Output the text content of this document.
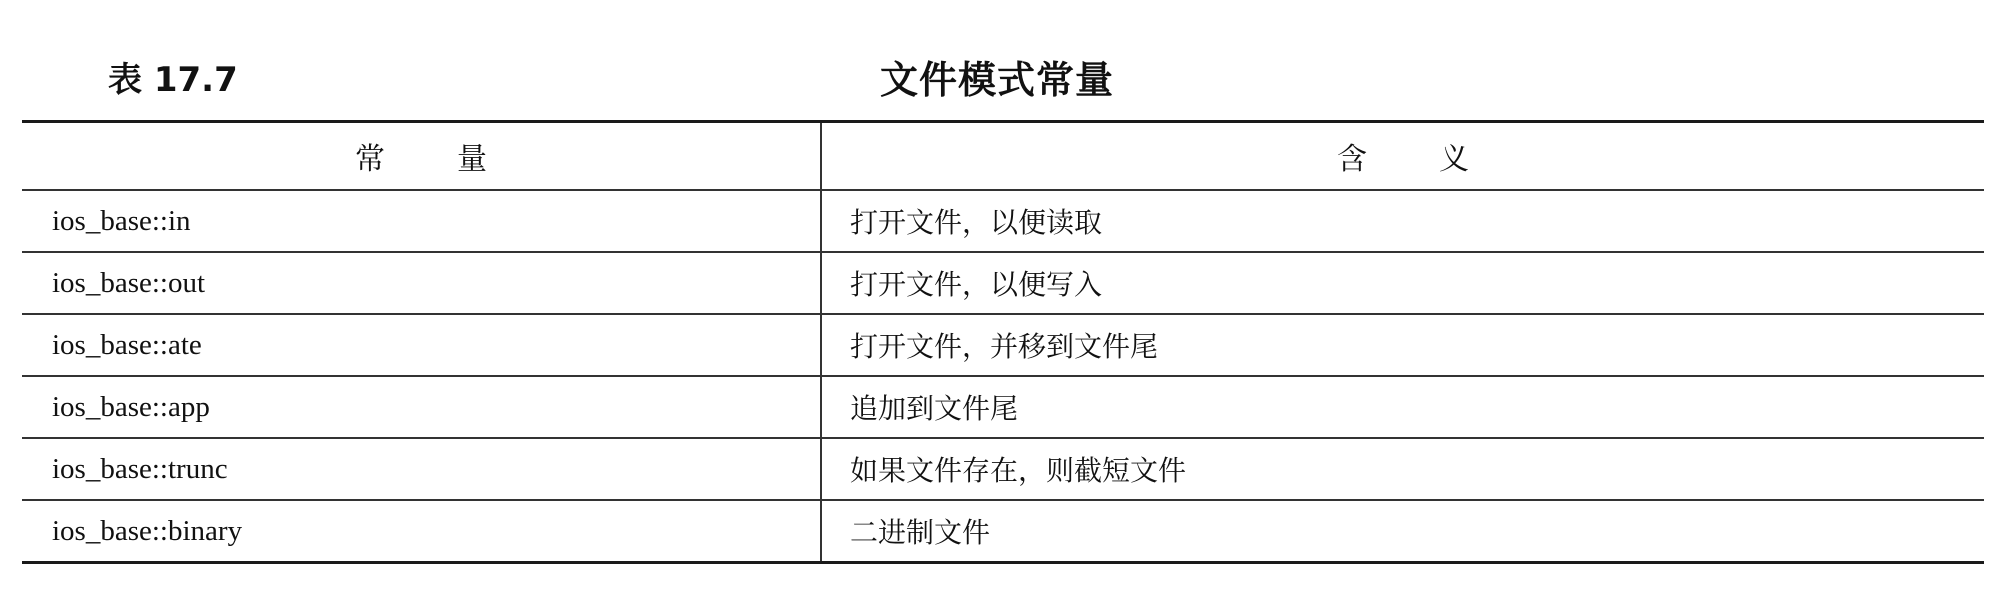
表 17.7	文件模式常量
常量	含义
ios_base::in	打开文件，以便读取
ios_base::out	打开文件，以便写入
ios_base::ate	打开文件，并移到文件尾
ios_base::app	追加到文件尾
ios_base::trunc	如果文件存在，则截短文件
ios_base::binary	二进制文件
